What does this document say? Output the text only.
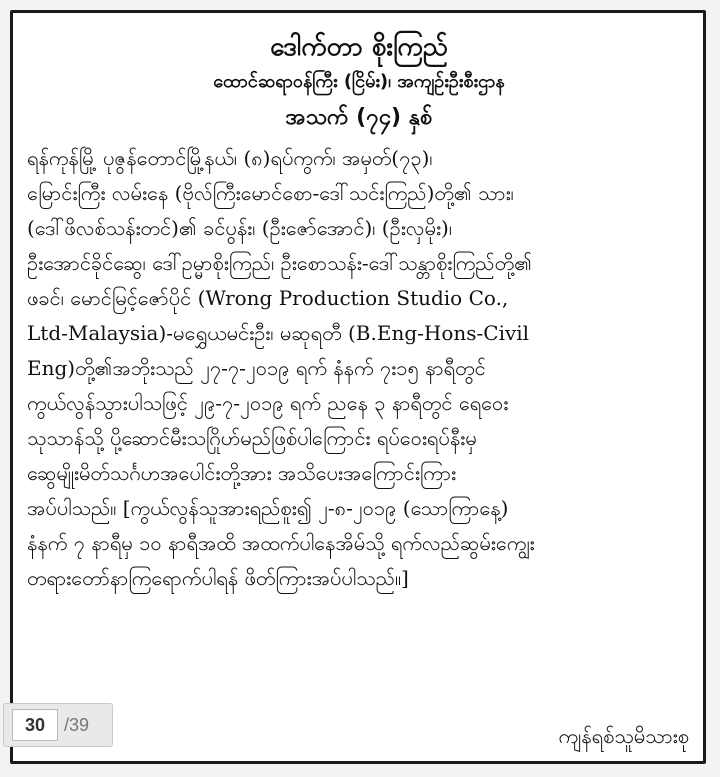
ဒေါက်တာ စိုးကြည်
ထောင်ဆရာဝန်ကြီး (ငြိမ်း)၊ အကျဉ်းဦးစီးဌာန
အသက် (၇၄) နှစ်
ရန်ကုန်မြို့ ပုဇွန်တောင်မြို့နယ်၊ (၈)ရပ်ကွက်၊ အမှတ်(၇၃)၊
မြောင်းကြီး လမ်းနေ (ဗိုလ်ကြီးမောင်စော-ဒေါ်သင်းကြည်)တို့၏ သား၊
(ဒေါ်ဖိလစ်သန်းတင်)၏ ခင်ပွန်း၊ (ဦးဇော်အောင်)၊ (ဦးလှမိုး)၊
ဦးအောင်ခိုင်ဆွေ၊ ဒေါ်ဥမ္မာစိုးကြည်၊ ဦးစောသန်း-ဒေါ်သန္တာစိုးကြည်တို့၏
ဖခင်၊ မောင်မြင့်ဇော်ပိုင် (Wrong Production Studio Co.,
Ltd-Malaysia)-မရွှေယမင်းဦး၊ မဆုရတီ (B.Eng-Hons-Civil
Eng)တို့၏အဘိုးသည် ၂၇-၇-၂၀၁၉ ရက် နံနက် ၇း၁၅ နာရီတွင်
ကွယ်လွန်သွားပါသဖြင့် ၂၉-၇-၂၀၁၉ ရက် ညနေ ၃ နာရီတွင် ရေဝေး
သုသာန်သို့ ပို့ဆောင်မီးသဂြိုဟ်မည်ဖြစ်ပါကြောင်း ရပ်ဝေးရပ်နီးမှ
ဆွေမျိုးမိတ်သင်္ဂဟအပေါင်းတို့အား အသိပေးအကြောင်းကြား
အပ်ပါသည်။ [ကွယ်လွန်သူအားရည်စူး၍ ၂-၈-၂၀၁၉ (သောကြာနေ့)
နံနက် ၇ နာရီမှ ၁၀ နာရီအထိ အထက်ပါနေအိမ်သို့ ရက်လည်ဆွမ်းကျွေး
တရားတော်နာကြရောက်ပါရန် ဖိတ်ကြားအပ်ပါသည်။]
ကျန်ရစ်သူမိသားစု
30	/39
